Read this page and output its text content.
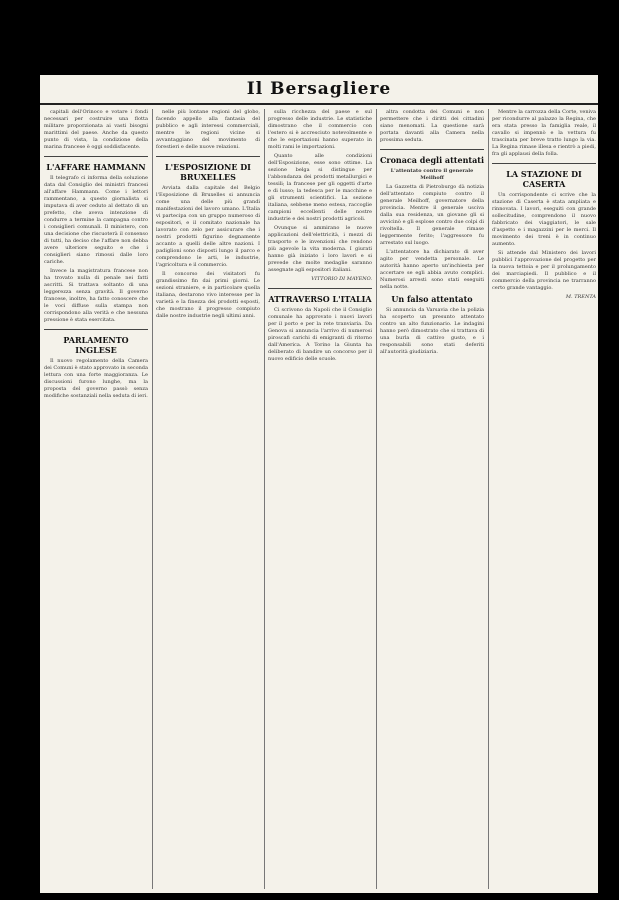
Il Bersagliere

capitali dell'Orinoco e votare i fondi necessari per costruire una flotta militare proporzionata ai vasti bisogni marittimi del paese. Anche da questo punto di vista, la condizione della marina francese è oggi soddisfacente.

L'AFFARE HAMMANN

Il telegrafo ci informa della soluzione data dal Consiglio dei ministri francesi all'affare Hammann. Come i lettori rammentano, a questo giornalista si imputava di aver ceduto al dettato di un prefetto, che aveva intenzione di condurre a termine la campagna contro i consiglieri comunali. Il ministero, con una decisione che riscuoterà il consenso di tutti, ha deciso che l'affare non debba avere ulteriore seguito e che i consiglieri siano rimossi dalle loro cariche.

Invece la magistratura francese non ha trovato nulla di penale nei fatti ascritti. Si trattava soltanto di una leggerezza senza gravità. Il governo francese, inoltre, ha fatto conoscere che le voci diffuse sulla stampa non corrispondono alla verità e che nessuna pressione è stata esercitata.

PARLAMENTO INGLESE

Il nuovo regolamento della Camera dei Comuni è stato approvato in seconda lettura con una forte maggioranza. Le discussioni furono lunghe, ma la proposta del governo passò senza modifiche sostanziali nella seduta di ieri.

nelle più lontane regioni del globo, facendo appello alla fantasia del pubblico e agli interessi commerciali, mentre le regioni vicine si avvantaggiano del movimento di forestieri e delle nuove relazioni.

L'ESPOSIZIONE DI BRUXELLES

Avviata dalla capitale del Belgio l'Esposizione di Bruxelles si annuncia come una delle più grandi manifestazioni del lavoro umano. L'Italia vi partecipa con un gruppo numeroso di espositori, e il comitato nazionale ha lavorato con zelo per assicurare che i nostri prodotti figurino degnamente accanto a quelli delle altre nazioni. I padiglioni sono disposti lungo il parco e comprendono le arti, le industrie, l'agricoltura e il commercio.

Il concorso dei visitatori fu grandissimo fin dai primi giorni. Le sezioni straniere, e in particolare quella italiana, destarono vivo interesse per la varietà e la finezza dei prodotti esposti, che mostrano il progresso compiuto dalle nostre industrie negli ultimi anni.

sulla ricchezza del paese e sul progresso delle industrie. Le statistiche dimostrano che il commercio con l'estero si è accresciuto notevolmente e che le esportazioni hanno superato in molti rami le importazioni.

Quanto alle condizioni dell'Esposizione, esse sono ottime. La sezione belga si distingue per l'abbondanza dei prodotti metallurgici e tessili; la francese per gli oggetti d'arte e di lusso; la tedesca per le macchine e gli strumenti scientifici. La sezione italiana, sebbene meno estesa, raccoglie campioni eccellenti delle nostre industrie e dei nostri prodotti agricoli.

Ovunque si ammirano le nuove applicazioni dell'elettricità, i mezzi di trasporto e le invenzioni che rendono più agevole la vita moderna. I giurati hanno già iniziato i loro lavori e si prevede che molte medaglie saranno assegnate agli espositori italiani.

VITTORIO DI MAYENO.

ATTRAVERSO L'ITALIA

Ci scrivono da Napoli che il Consiglio comunale ha approvato i nuovi lavori per il porto e per la rete tranviaria. Da Genova si annuncia l'arrivo di numerosi piroscafi carichi di emigranti di ritorno dall'America. A Torino la Giunta ha deliberato di bandire un concorso per il nuovo edificio delle scuole.

altra condotta dei Comuni e non permettere che i diritti dei cittadini siano menomati. La questione sarà portata davanti alla Camera nella prossima seduta.

Cronaca degli attentati

L'attentato contro il generale Meilhoff

La Gazzetta di Pietroburgo dà notizia dell'attentato compiuto contro il generale Meilhoff, governatore della provincia. Mentre il generale usciva dalla sua residenza, un giovane gli si avvicinò e gli esplose contro due colpi di rivoltella. Il generale rimase leggermente ferito; l'aggressore fu arrestato sul luogo.

L'attentatore ha dichiarato di aver agito per vendetta personale. Le autorità hanno aperto un'inchiesta per accertare se egli abbia avuto complici. Numerosi arresti sono stati eseguiti nella notte.

Un falso attentato

Si annuncia da Varsavia che la polizia ha scoperto un presunto attentato contro un alto funzionario. Le indagini hanno però dimostrato che si trattava di una burla di cattivo gusto, e i responsabili sono stati deferiti all'autorità giudiziaria.

Mentre la carrozza della Corte, veniva per ricondurre al palazzo la Regina, che era stata presso la famiglia reale, il cavallo si impennò e la vettura fu trascinata per breve tratto lungo la via. La Regina rimase illesa e rientrò a piedi, fra gli applausi della folla.

LA STAZIONE DI CASERTA

Un corrispondente ci scrive che la stazione di Caserta è stata ampliata e rinnovata. I lavori, eseguiti con grande sollecitudine, comprendono il nuovo fabbricato dei viaggiatori, le sale d'aspetto e i magazzini per le merci. Il movimento dei treni è in continuo aumento.

Si attende dal Ministero dei lavori pubblici l'approvazione del progetto per la nuova tettoia e per il prolungamento dei marciapiedi. Il pubblico e il commercio della provincia ne trarranno certo grande vantaggio.

M. TRENTA
